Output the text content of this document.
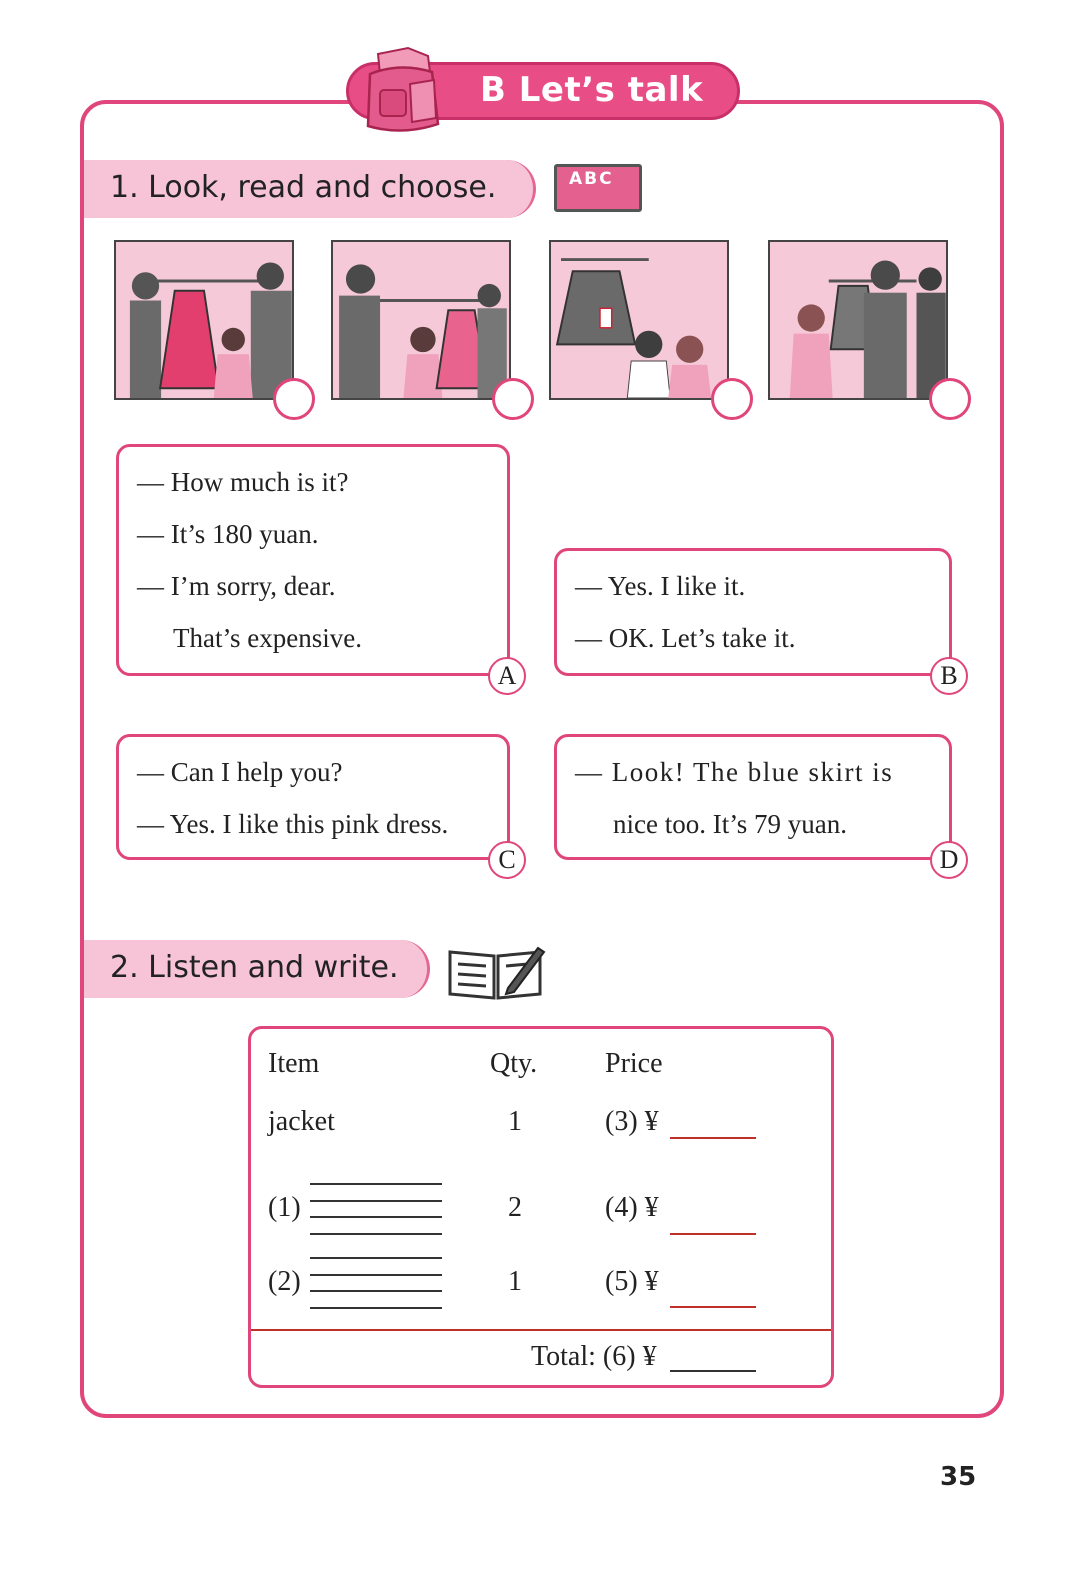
B Let’s talk
1. Look, read and choose.	ABC
— How much is it?
— It’s 180 yuan.
— I’m sorry, dear.
That’s expensive.
A
— Yes. I like it.
— OK. Let’s take it.
B
— Can I help you?
— Yes. I like this pink dress.
C
— Look! The blue skirt is
nice too. It’s 79 yuan.
D
2. Listen and write.
Item	Qty. Price
jacket	1	(3) ¥
(1)	2	(4) ¥
(2)	1	(5) ¥
Total: (6) ¥
35
